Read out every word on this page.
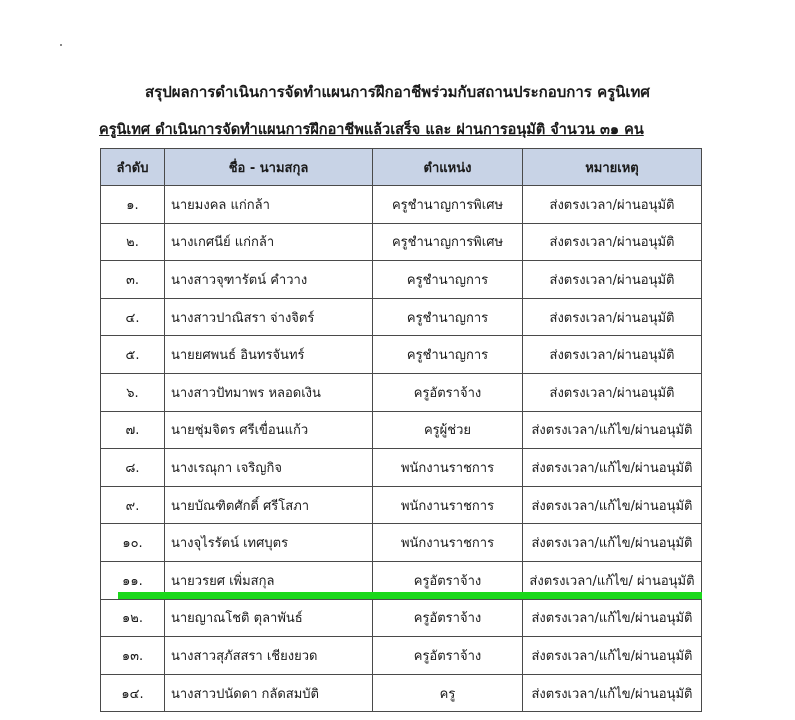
สรุปผลการดำเนินการจัดทำแผนการฝึกอาชีพร่วมกับสถานประกอบการ ครูนิเทศ
ครูนิเทศ ดำเนินการจัดทำแผนการฝึกอาชีพแล้วเสร็จ และ ผ่านการอนุมัติ จำนวน ๓๑ คน
ลำดับ	ชื่อ - นามสกุล	ตำแหน่ง	หมายเหตุ
๑.	นายมงคล แก่กล้า	ครูชำนาญการพิเศษ	ส่งตรงเวลา/ผ่านอนุมัติ
๒.	นางเกศนีย์ แก่กล้า	ครูชำนาญการพิเศษ	ส่งตรงเวลา/ผ่านอนุมัติ
๓.	นางสาวจุฑารัตน์ คำวาง	ครูชำนาญการ	ส่งตรงเวลา/ผ่านอนุมัติ
๔.	นางสาวปาณิสรา จ่างจิตร์	ครูชำนาญการ	ส่งตรงเวลา/ผ่านอนุมัติ
๕.	นายยศพนธ์ อินทรจันทร์	ครูชำนาญการ	ส่งตรงเวลา/ผ่านอนุมัติ
๖.	นางสาวปัทมาพร หลอดเงิน	ครูอัตราจ้าง	ส่งตรงเวลา/ผ่านอนุมัติ
๗.	นายชุ่มจิตร ศรีเขื่อนแก้ว	ครูผู้ช่วย	ส่งตรงเวลา/แก้ไข/ผ่านอนุมัติ
๘.	นางเรณุกา เจริญกิจ	พนักงานราชการ	ส่งตรงเวลา/แก้ไข/ผ่านอนุมัติ
๙.	นายบัณฑิตศักดิ์ ศรีโสภา	พนักงานราชการ	ส่งตรงเวลา/แก้ไข/ผ่านอนุมัติ
๑๐.	นางจุไรรัตน์ เทศบุตร	พนักงานราชการ	ส่งตรงเวลา/แก้ไข/ผ่านอนุมัติ
๑๑.	นายวรยศ เพิ่มสกุล	ครูอัตราจ้าง	ส่งตรงเวลา/แก้ไข/ ผ่านอนุมัติ
๑๒.	นายญาณโชติ ตุลาพันธ์	ครูอัตราจ้าง	ส่งตรงเวลา/แก้ไข/ผ่านอนุมัติ
๑๓.	นางสาวสุภัสสรา เชียงยวด	ครูอัตราจ้าง	ส่งตรงเวลา/แก้ไข/ผ่านอนุมัติ
๑๔.	นางสาวปนัดดา กลัดสมบัติ	ครู	ส่งตรงเวลา/แก้ไข/ผ่านอนุมัติ
